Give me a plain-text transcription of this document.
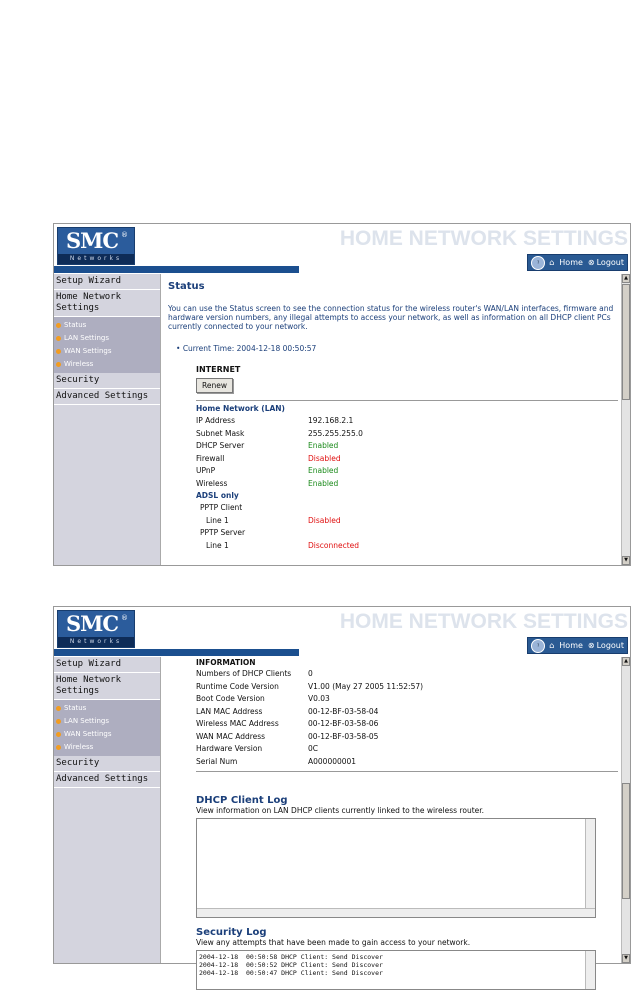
SMC ®
Networks
HOME NETWORK SETTINGS
?	⌂ Home ⊗ Logout
Setup Wizard
Home Network
Settings
Status
LAN Settings
WAN Settings
Wireless
Security
Advanced Settings
Status

You can use the Status screen to see the connection status for the wireless router's WAN/LAN interfaces, firmware and hardware version numbers, any illegal attempts to access your network, as well as information on all DHCP client PCs currently connected to your network.

• Current Time: 2004-12-18 00:50:57
INTERNET
Renew
Home Network (LAN)
IP Address	192.168.2.1
Subnet Mask	255.255.255.0
DHCP Server	Enabled
Firewall	Disabled
UPnP	Enabled
Wireless	Enabled
ADSL only
PPTP Client
Line 1	Disabled
PPTP Server
Line 1	Disconnected
▲
▼
SMC ®
Networks
HOME NETWORK SETTINGS
?	⌂ Home ⊗ Logout
Setup Wizard
Home Network
Settings
Status
LAN Settings
WAN Settings
Wireless
Security
Advanced Settings
INFORMATION
Numbers of DHCP Clients	0
Runtime Code Version	V1.00 (May 27 2005 11:52:57)
Boot Code Version	V0.03
LAN MAC Address	00-12-BF-03-58-04
Wireless MAC Address	00-12-BF-03-58-06
WAN MAC Address	00-12-BF-03-58-05
Hardware Version	0C
Serial Num	A000000001
DHCP Client Log
View information on LAN DHCP clients currently linked to the wireless router.
Security Log
View any attempts that have been made to gain access to your network.
2004-12-18  00:50:58 DHCP Client: Send Discover
2004-12-18  00:50:52 DHCP Client: Send Discover
2004-12-18  00:50:47 DHCP Client: Send Discover
▲
▼
